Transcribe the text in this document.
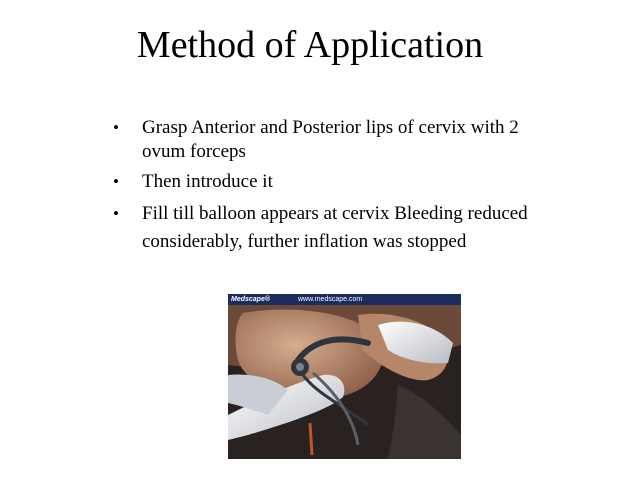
Method of Application
• Grasp Anterior and Posterior lips of cervix with 2 ovum forceps
• Then introduce it
• Fill till balloon appears at cervix Bleeding reduced considerably, further inflation was stopped
Medscape®	www.medscape.com
